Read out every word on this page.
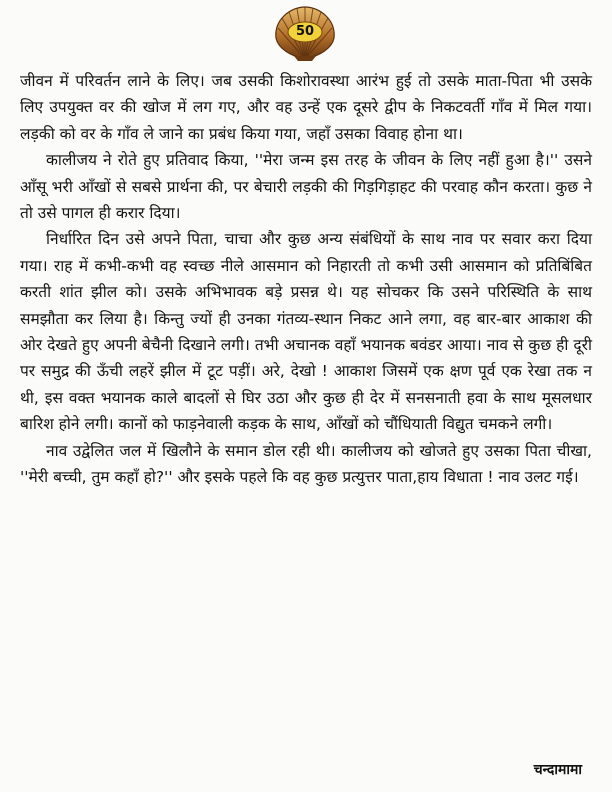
50

जीवन में परिवर्तन लाने के लिए। जब उसकी किशोरावस्था आरंभ हुई तो उसके माता-पिता भी उसके लिए उपयुक्त वर की खोज में लग गए, और वह उन्हें एक दूसरे द्वीप के निकटवर्ती गाँव में मिल गया। लड़की को वर के गाँव ले जाने का प्रबंध किया गया, जहाँ उसका विवाह होना था।

कालीजय ने रोते हुए प्रतिवाद किया, ''मेरा जन्म इस तरह के जीवन के लिए नहीं हुआ है।'' उसने आँसू भरी आँखों से सबसे प्रार्थना की, पर बेचारी लड़की की गिड़गिड़ाहट की परवाह कौन करता। कुछ ने तो उसे पागल ही करार दिया।

निर्धारित दिन उसे अपने पिता, चाचा और कुछ अन्य संबंधियों के साथ नाव पर सवार करा दिया गया। राह में कभी-कभी वह स्वच्छ नीले आसमान को निहारती तो कभी उसी आसमान को प्रतिबिंबित करती शांत झील को। उसके अभिभावक बड़े प्रसन्न थे। यह सोचकर कि उसने परिस्थिति के साथ समझौता कर लिया है। किन्तु ज्यों ही उनका गंतव्य-स्थान निकट आने लगा, वह बार-बार आकाश की ओर देखते हुए अपनी बेचैनी दिखाने लगी। तभी अचानक वहाँ भयानक बवंडर आया। नाव से कुछ ही दूरी पर समुद्र की ऊँची लहरें झील में टूट पड़ीं। अरे, देखो ! आकाश जिसमें एक क्षण पूर्व एक रेखा तक न थी, इस वक्त भयानक काले बादलों से घिर उठा और कुछ ही देर में सनसनाती हवा के साथ मूसलधार बारिश होने लगी। कानों को फाड़नेवाली कड़क के साथ, आँखों को चौंधियाती विद्युत चमकने लगी।

नाव उद्वेलित जल में खिलौने के समान डोल रही थी। कालीजय को खोजते हुए उसका पिता चीखा, ''मेरी बच्ची, तुम कहाँ हो?'' और इसके पहले कि वह कुछ प्रत्युत्तर पाता,हाय विधाता ! नाव उलट गई।

चन्दामामा
